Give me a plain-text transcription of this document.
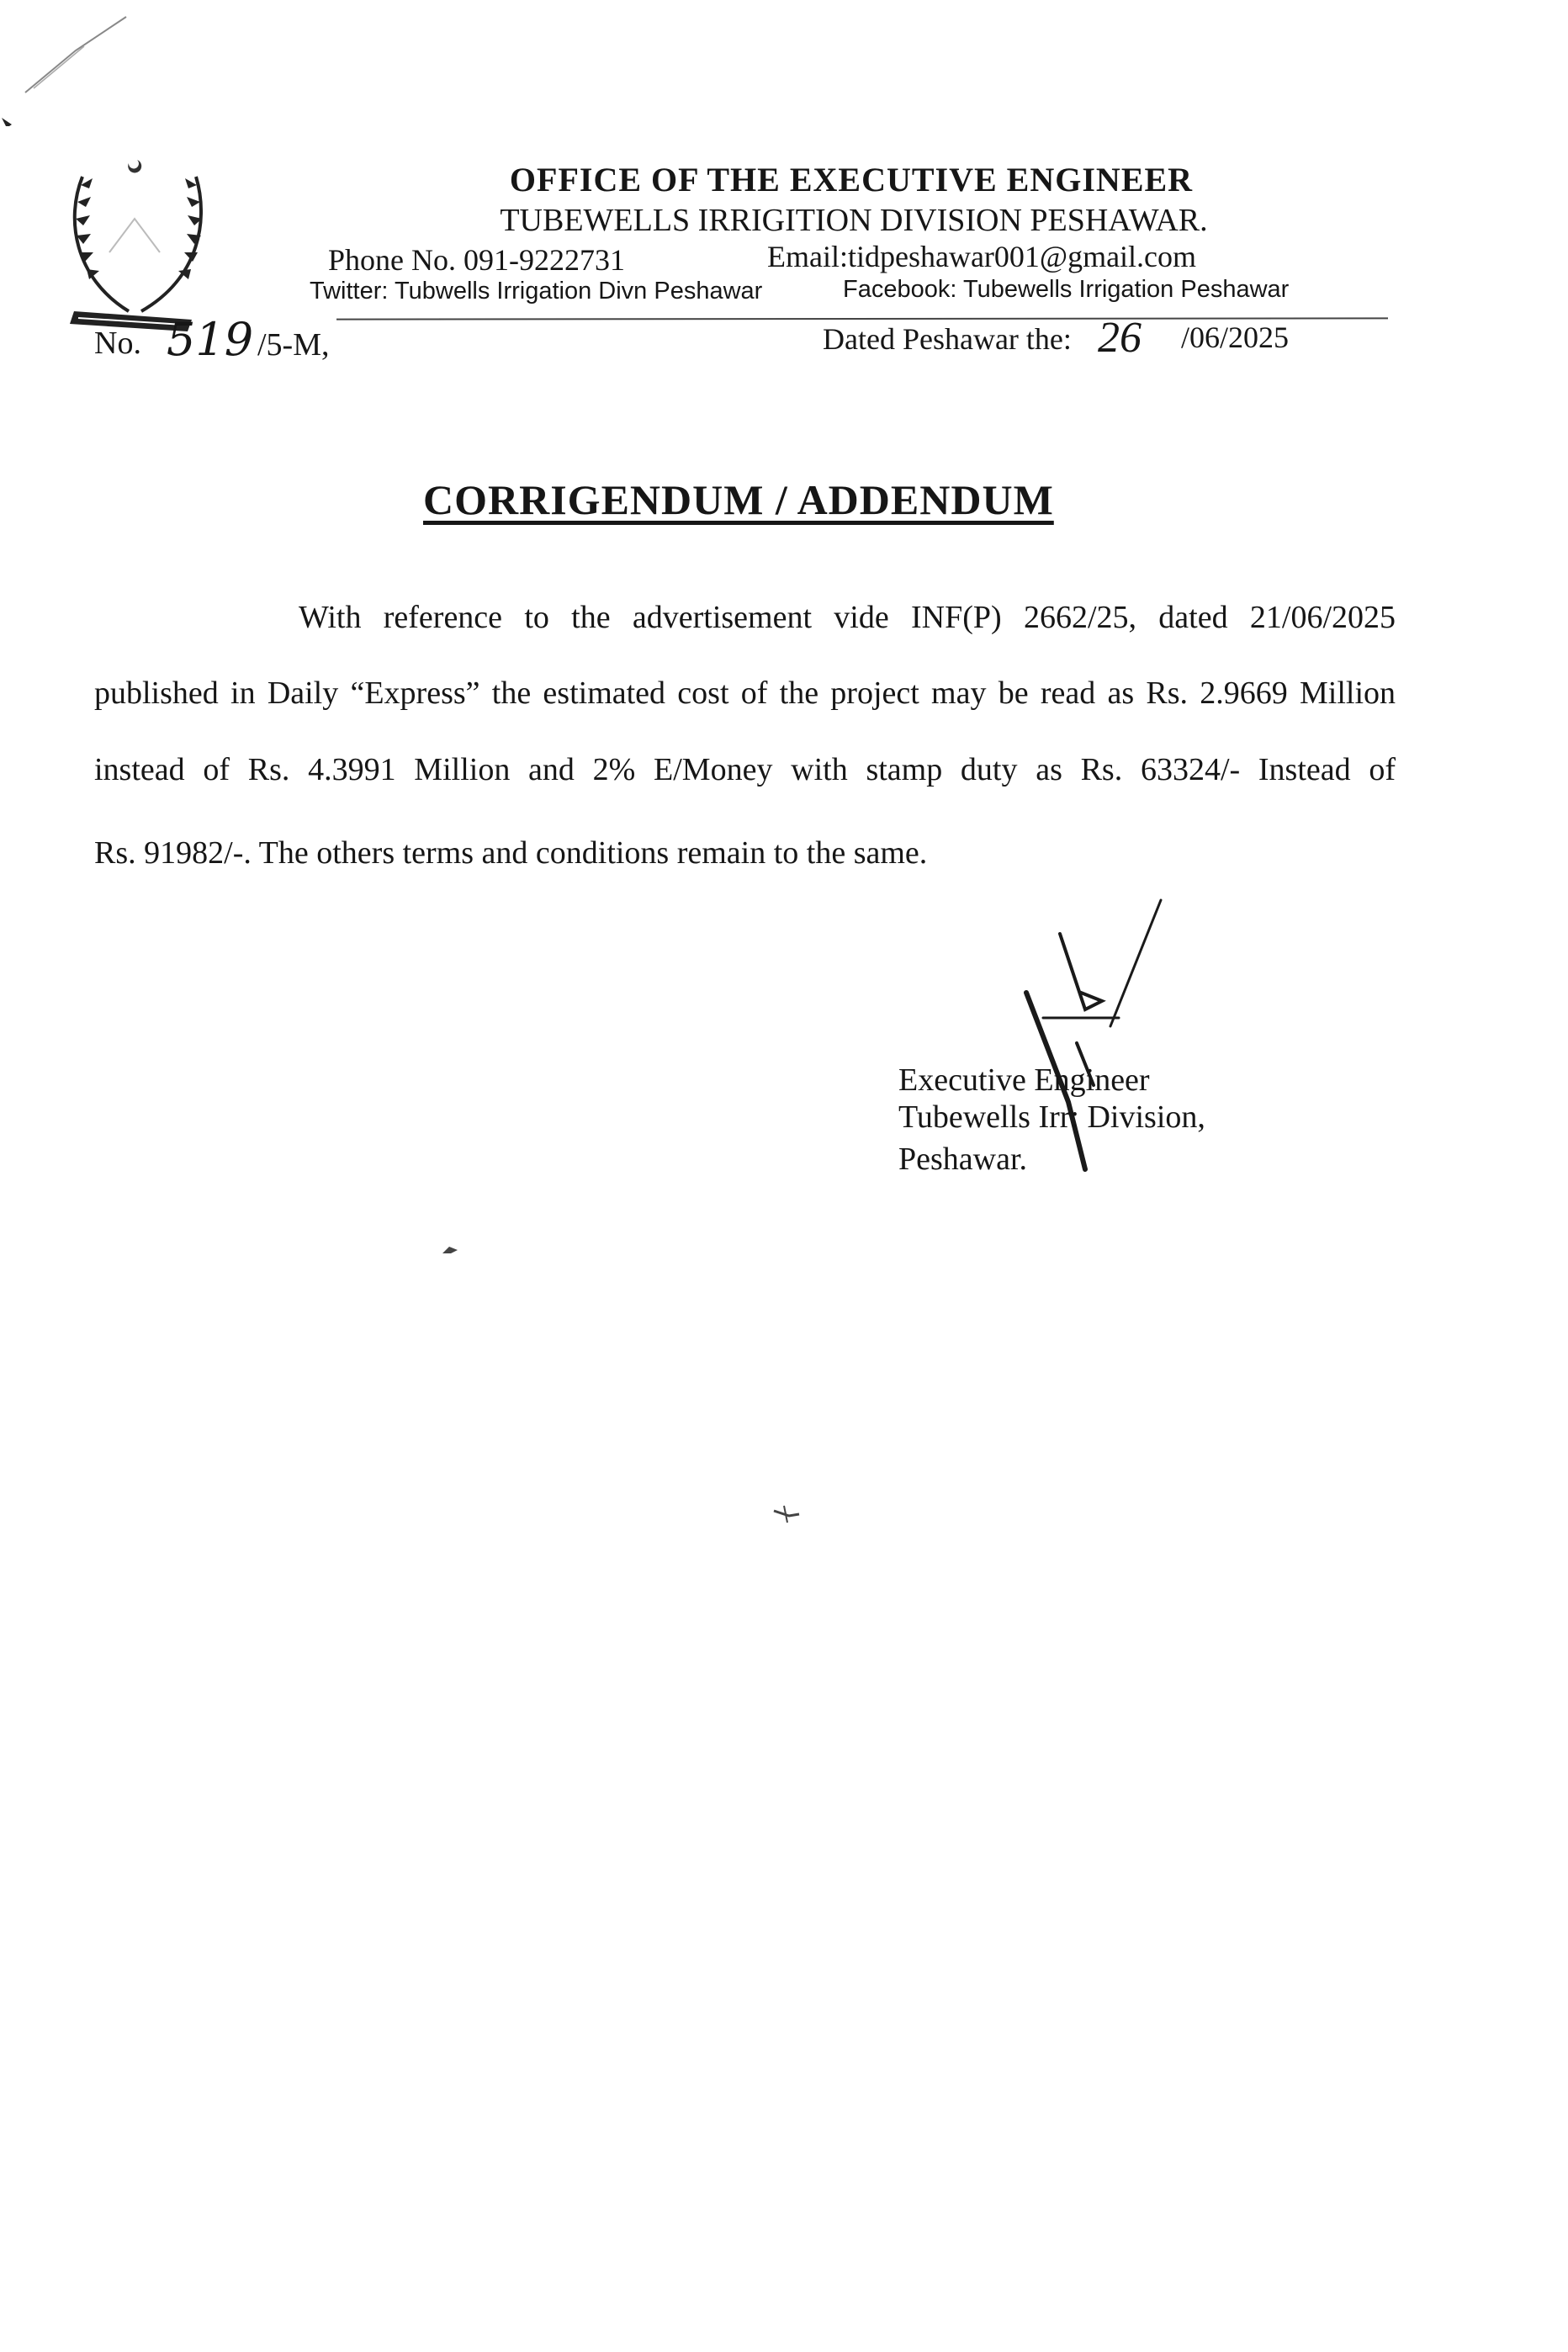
OFFICE OF THE EXECUTIVE ENGINEER
TUBEWELLS IRRIGITION DIVISION PESHAWAR.
Phone No. 091-9222731	Email:tidpeshawar001@gmail.com
Twitter: Tubwells Irrigation Divn Peshawar	Facebook: Tubewells Irrigation Peshawar
No. 519 /5-M,	Dated Peshawar the: 26 /06/2025
CORRIGENDUM / ADDENDUM
With reference to the advertisement vide INF(P) 2662/25, dated 21/06/2025
published in Daily “Express” the estimated cost of the project may be read as Rs. 2.9669 Million
instead of Rs. 4.3991 Million and 2% E/Money with stamp duty as Rs. 63324/- Instead of
Rs. 91982/-. The others terms and conditions remain to the same.
Executive Engineer
Tubewells Irr: Division,
Peshawar.
